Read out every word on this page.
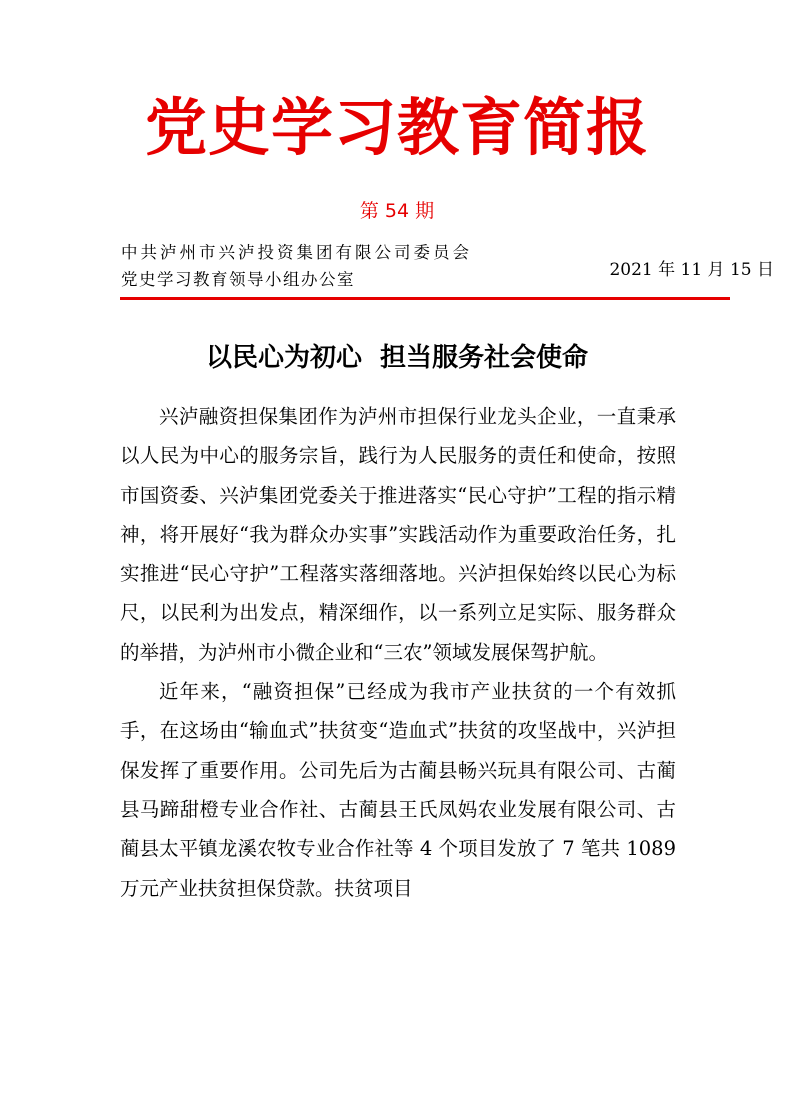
党史学习教育简报
第 54 期
中共泸州市兴泸投资集团有限公司委员会
党史学习教育领导小组办公室	2021 年 11 月 15 日
以民心为初心  担当服务社会使命

兴泸融资担保集团作为泸州市担保行业龙头企业，一直秉承以人民为中心的服务宗旨，践行为人民服务的责任和使命，按照市国资委、兴泸集团党委关于推进落实“民心守护”工程的指示精神，将开展好“我为群众办实事”实践活动作为重要政治任务，扎实推进“民心守护”工程落实落细落地。兴泸担保始终以民心为标尺，以民利为出发点，精深细作，以一系列立足实际、服务群众的举措，为泸州市小微企业和“三农”领域发展保驾护航。

近年来，“融资担保”已经成为我市产业扶贫的一个有效抓手，在这场由“输血式”扶贫变“造血式”扶贫的攻坚战中，兴泸担保发挥了重要作用。公司先后为古蔺县畅兴玩具有限公司、古蔺县马蹄甜橙专业合作社、古蔺县王氏凤妈农业发展有限公司、古蔺县太平镇龙溪农牧专业合作社等 4 个项目发放了 7 笔共 1089 万元产业扶贫担保贷款。扶贫项目
